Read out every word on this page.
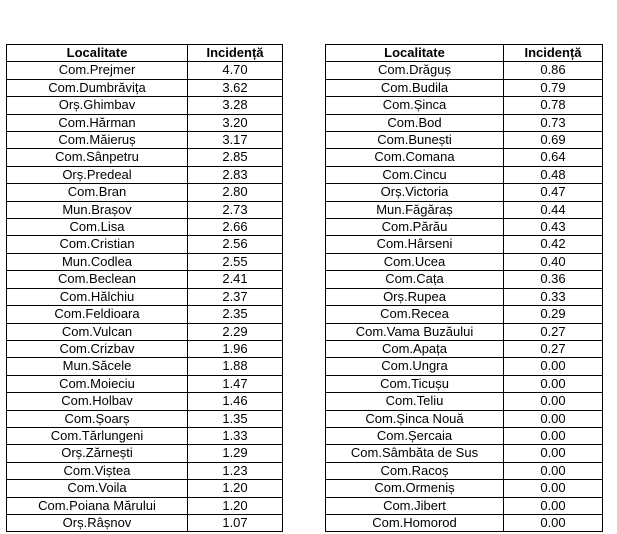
Localitate	Incidență
Com.Prejmer	4.70
Com.Dumbrăvița	3.62
Orș.Ghimbav	3.28
Com.Hărman	3.20
Com.Măieruș	3.17
Com.Sânpetru	2.85
Orș.Predeal	2.83
Com.Bran	2.80
Mun.Brașov	2.73
Com.Lisa	2.66
Com.Cristian	2.56
Mun.Codlea	2.55
Com.Beclean	2.41
Com.Hălchiu	2.37
Com.Feldioara	2.35
Com.Vulcan	2.29
Com.Crizbav	1.96
Mun.Săcele	1.88
Com.Moieciu	1.47
Com.Holbav	1.46
Com.Șoarș	1.35
Com.Tărlungeni	1.33
Orș.Zărnești	1.29
Com.Viștea	1.23
Com.Voila	1.20
Com.Poiana Mărului	1.20
Orș.Râșnov	1.07
Localitate	Incidență
Com.Drăguș	0.86
Com.Budila	0.79
Com.Șinca	0.78
Com.Bod	0.73
Com.Bunești	0.69
Com.Comana	0.64
Com.Cincu	0.48
Orș.Victoria	0.47
Mun.Făgăraș	0.44
Com.Părău	0.43
Com.Hârseni	0.42
Com.Ucea	0.40
Com.Cața	0.36
Orș.Rupea	0.33
Com.Recea	0.29
Com.Vama Buzăului	0.27
Com.Apața	0.27
Com.Ungra	0.00
Com.Ticușu	0.00
Com.Teliu	0.00
Com.Șinca Nouă	0.00
Com.Șercaia	0.00
Com.Sâmbăta de Sus	0.00
Com.Racoș	0.00
Com.Ormeniș	0.00
Com.Jibert	0.00
Com.Homorod	0.00
